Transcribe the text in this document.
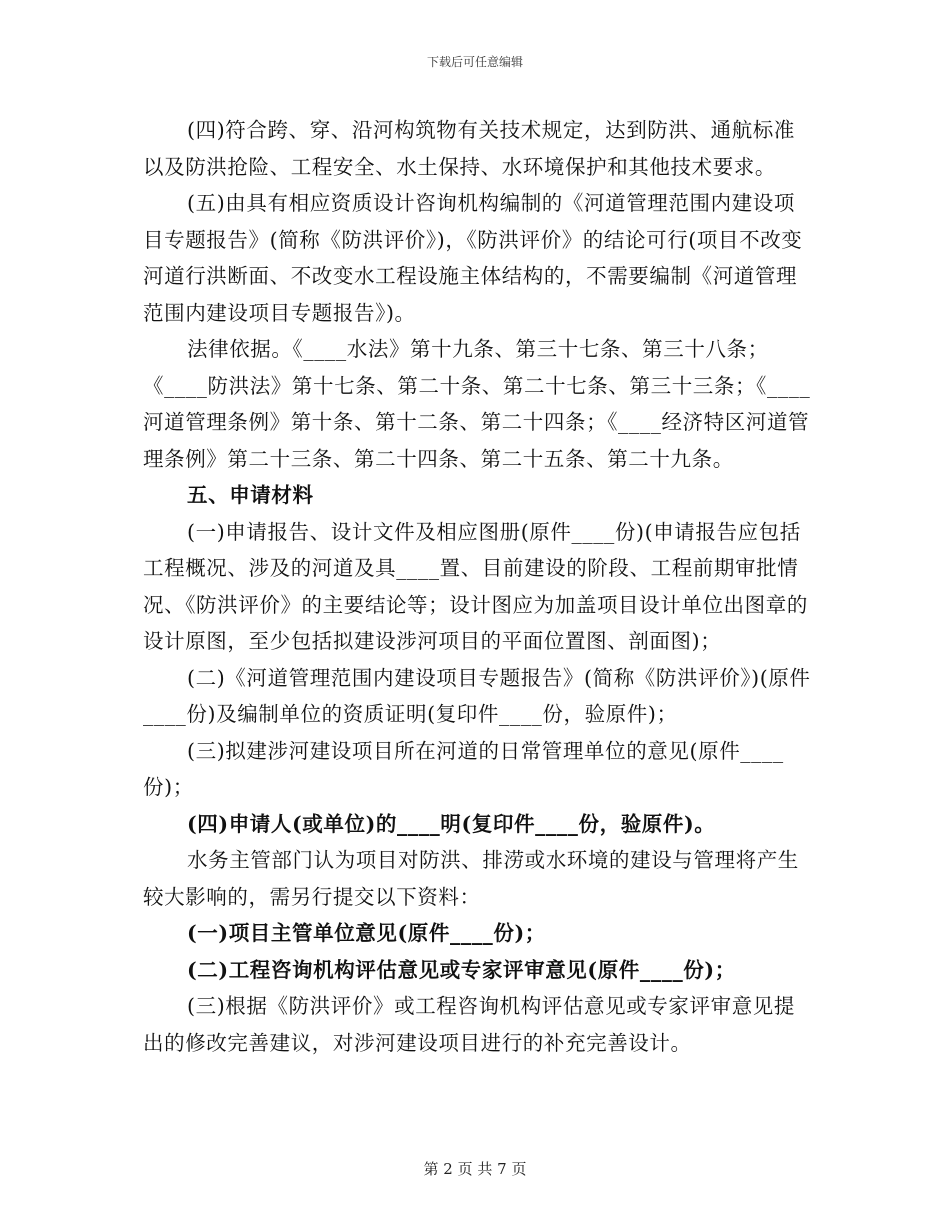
下载后可任意编辑

(四)符合跨、穿、沿河构筑物有关技术规定，达到防洪、通航标准以及防洪抢险、工程安全、水土保持、水环境保护和其他技术要求。

(五)由具有相应资质设计咨询机构编制的《河道管理范围内建设项目专题报告》(简称《防洪评价》)，《防洪评价》的结论可行(项目不改变河道行洪断面、不改变水工程设施主体结构的，不需要编制《河道管理范围内建设项目专题报告》)。

法律依据。《____水法》第十九条、第三十七条、第三十八条；《____防洪法》第十七条、第二十条、第二十七条、第三十三条；《____河道管理条例》第十条、第十二条、第二十四条；《____经济特区河道管理条例》第二十三条、第二十四条、第二十五条、第二十九条。

五、申请材料

(一)申请报告、设计文件及相应图册(原件____份)(申请报告应包括工程概况、涉及的河道及具____置、目前建设的阶段、工程前期审批情况、《防洪评价》的主要结论等；设计图应为加盖项目设计单位出图章的设计原图，至少包括拟建设涉河项目的平面位置图、剖面图)；

(二)《河道管理范围内建设项目专题报告》(简称《防洪评价》)(原件____份)及编制单位的资质证明(复印件____份，验原件)；

(三)拟建涉河建设项目所在河道的日常管理单位的意见(原件____份)；

(四)申请人(或单位)的____明(复印件____份，验原件)。

水务主管部门认为项目对防洪、排涝或水环境的建设与管理将产生较大影响的，需另行提交以下资料：

(一)项目主管单位意见(原件____份)；

(二)工程咨询机构评估意见或专家评审意见(原件____份)；

(三)根据《防洪评价》或工程咨询机构评估意见或专家评审意见提出的修改完善建议，对涉河建设项目进行的补充完善设计。

第 2 页 共 7 页
